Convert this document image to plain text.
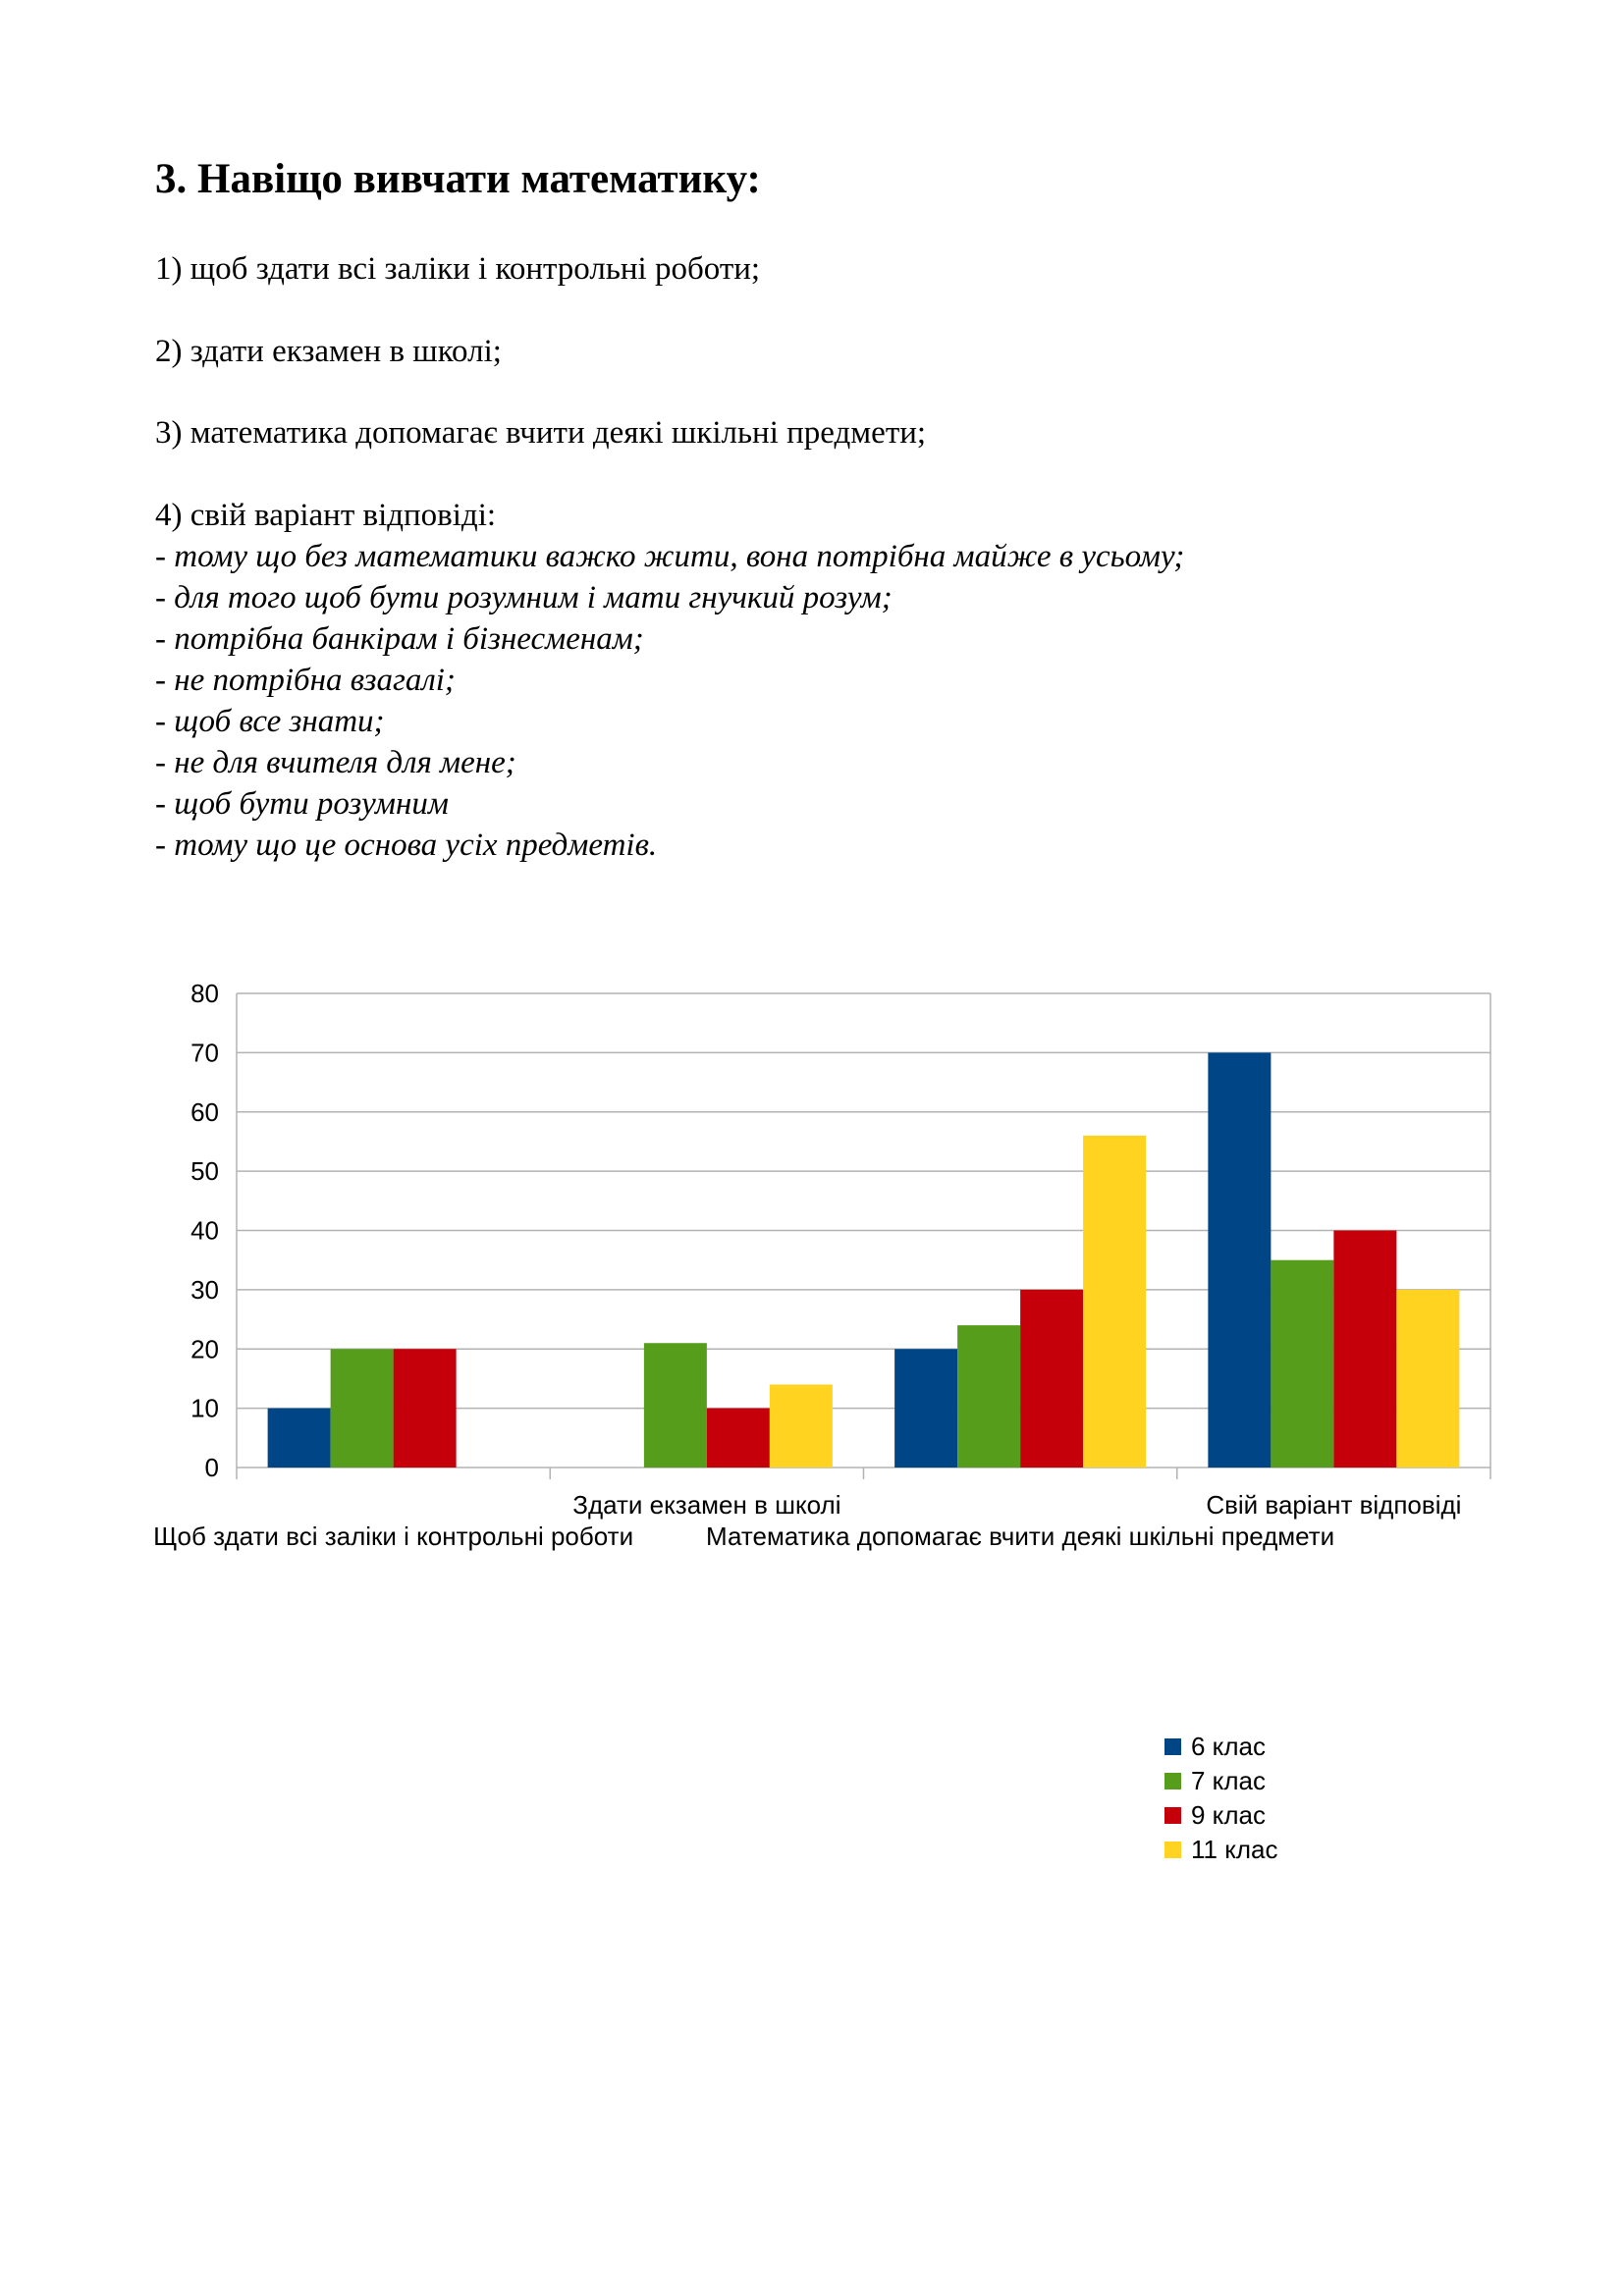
3. Навіщо вивчати математику:
1) щоб здати всі заліки і контрольні роботи;
2) здати екзамен в школі;
3) математика допомагає вчити деякі шкільні предмети;
4) свій варіант відповіді:
- тому що без математики важко жити, вона потрібна майже в усьому;
- для того щоб бути розумним і мати гнучкий розум;
- потрібна банкірам і бізнесменам;
- не потрібна взагалі;
- щоб все знати;
- не для вчителя для мене;
- щоб бути розумним
- тому що це основа усіх предметів.
0
10
20
30
40
50
60
70
80
Щоб здати всі заліки і контрольні роботи
Здати екзамен в школі
Математика допомагає вчити деякі шкільні предмети
Свій варіант відповіді
6 клас
7 клас
9 клас
11 клас
